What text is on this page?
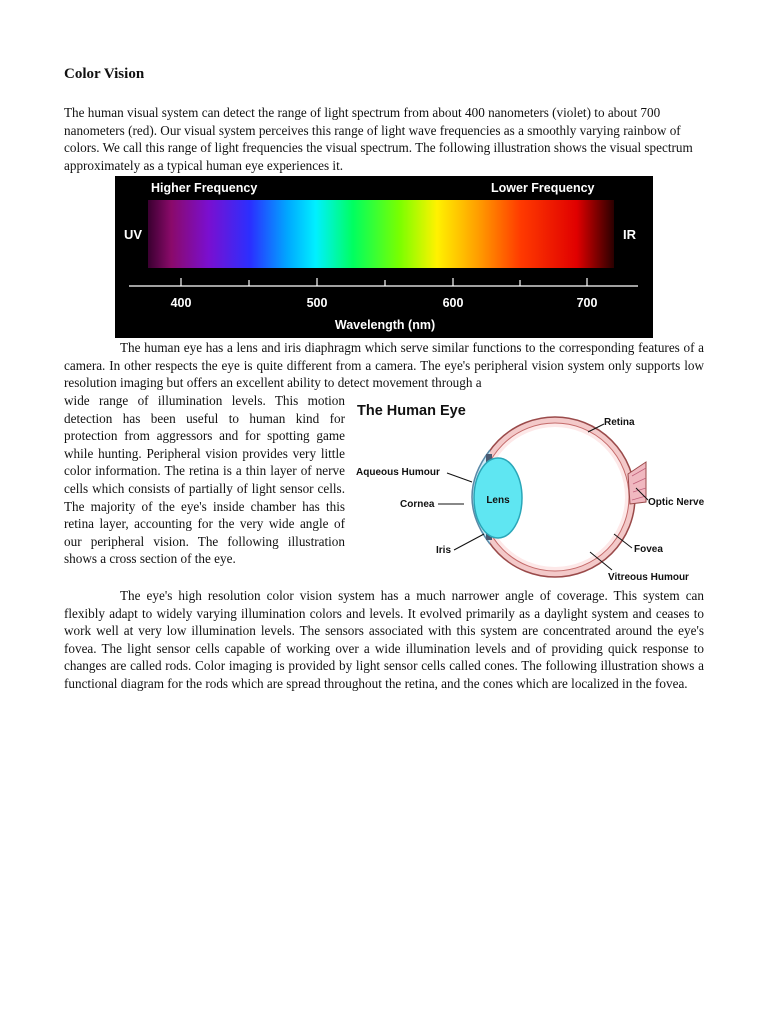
Color Vision

The human visual system can detect the range of light spectrum from about 400 nanometers (violet) to about 700 nanometers (red). Our visual system perceives this range of light wave frequencies as a smoothly varying rainbow of colors. We call this range of light frequencies the visual spectrum. The following illustration shows the visual spectrum approximately as a typical human eye experiences it.

Higher Frequency	Lower Frequency
UV	IR
400	500	600	700
Wavelength (nm)

The human eye has a lens and iris diaphragm which serve similar functions to the corresponding features of a camera. In other respects the eye is quite different from a camera. The eye's peripheral vision system only supports low resolution imaging but offers an excellent ability to detect movement through a

wide range of illumination levels. This motion detection has been useful to human kind for protection from aggressors and for spotting game while hunting. Peripheral vision provides very little color information. The retina is a thin layer of nerve cells which consists of partially of light sensor cells. The majority of the eye's inside chamber has this retina layer, accounting for the very wide angle of our peripheral vision. The following illustration shows a cross section of the eye.

The Human Eye
Lens
Retina
Aqueous Humour
Cornea
Iris
Optic Nerve
Fovea
Vitreous Humour

The eye's high resolution color vision system has a much narrower angle of coverage. This system can flexibly adapt to widely varying illumination colors and levels. It evolved primarily as a daylight system and ceases to work well at very low illumination levels. The sensors associated with this system are concentrated around the eye's fovea. The light sensor cells capable of working over a wide illumination levels and of providing quick response to changes are called rods. Color imaging is provided by light sensor cells called cones. The following illustration shows a functional diagram for the rods which are spread throughout the retina, and the cones which are localized in the fovea.
